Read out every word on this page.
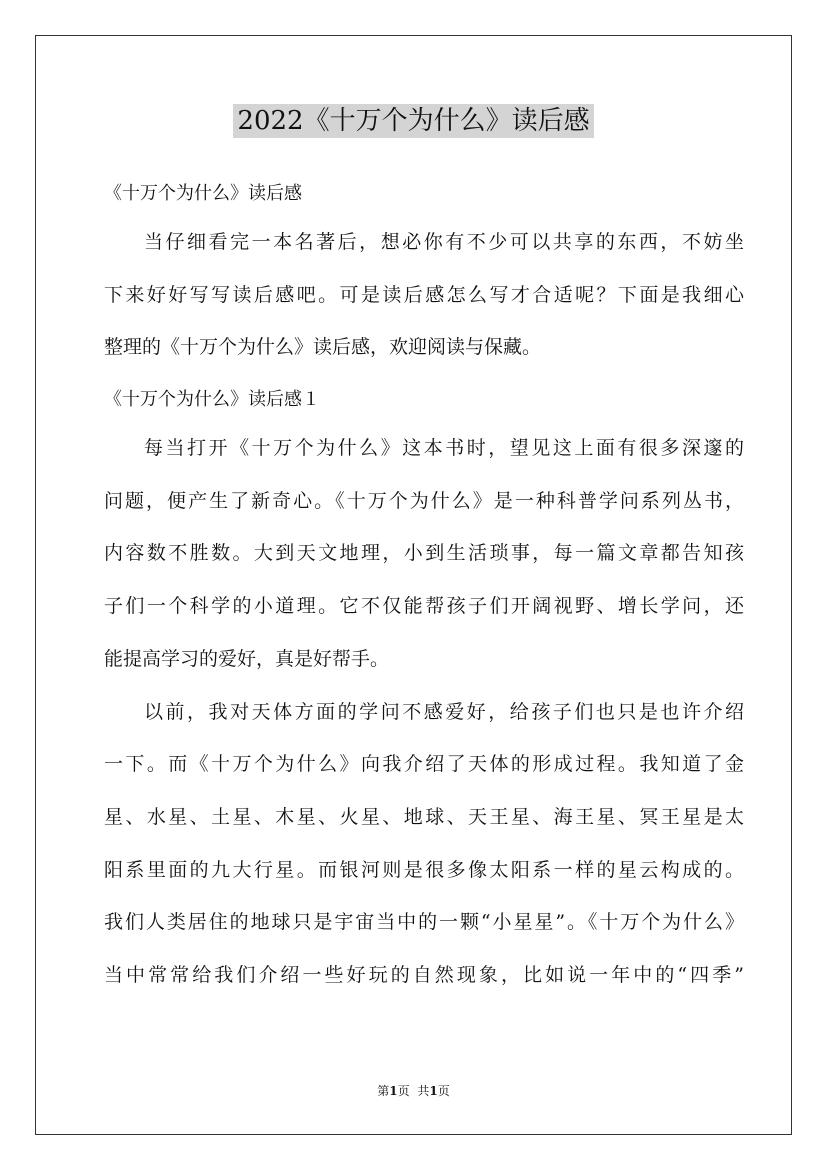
2022《十万个为什么》读后感
《十万个为什么》读后感
当仔细看完一本名著后，想必你有不少可以共享的东西，不妨坐
下来好好写写读后感吧。可是读后感怎么写才合适呢？下面是我细心
整理的《十万个为什么》读后感，欢迎阅读与保藏。
《十万个为什么》读后感１
每当打开《十万个为什么》这本书时，望见这上面有很多深邃的
问题，便产生了新奇心。《十万个为什么》是一种科普学问系列丛书，
内容数不胜数。大到天文地理，小到生活琐事，每一篇文章都告知孩
子们一个科学的小道理。它不仅能帮孩子们开阔视野、增长学问，还
能提高学习的爱好，真是好帮手。
以前，我对天体方面的学问不感爱好，给孩子们也只是也许介绍
一下。而《十万个为什么》向我介绍了天体的形成过程。我知道了金
星、水星、土星、木星、火星、地球、天王星、海王星、冥王星是太
阳系里面的九大行星。而银河则是很多像太阳系一样的星云构成的。
我们人类居住的地球只是宇宙当中的一颗“小星星”。《十万个为什么》
当中常常给我们介绍一些好玩的自然现象，比如说一年中的“四季”
第1页 共1页
